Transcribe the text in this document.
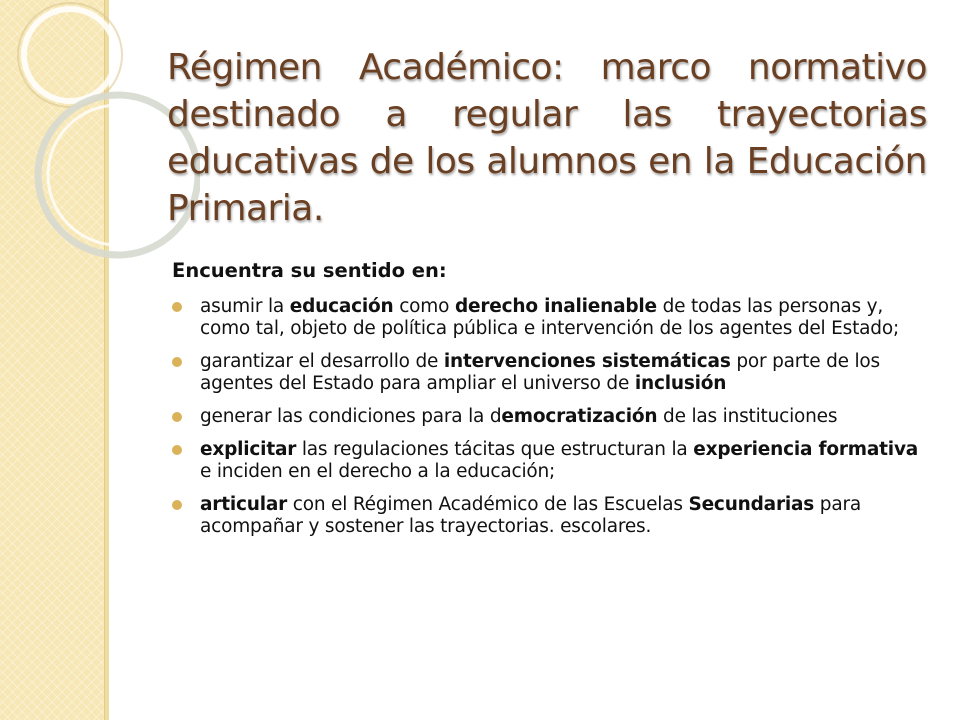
Régimen Académico: marco normativo destinado a regular las trayectorias educativas de los alumnos en la Educación Primaria.

Encuentra su sentido en:

asumir la educación como derecho inalienable de todas las personas y, como tal, objeto de política pública e intervención de los agentes del Estado;
garantizar el desarrollo de intervenciones sistemáticas por parte de los agentes del Estado para ampliar el universo de inclusión
generar las condiciones para la democratización de las instituciones
explicitar las regulaciones tácitas que estructuran la experiencia formativa e inciden en el derecho a la educación;
articular con el Régimen Académico de las Escuelas Secundarias para acompañar y sostener las trayectorias. escolares.
